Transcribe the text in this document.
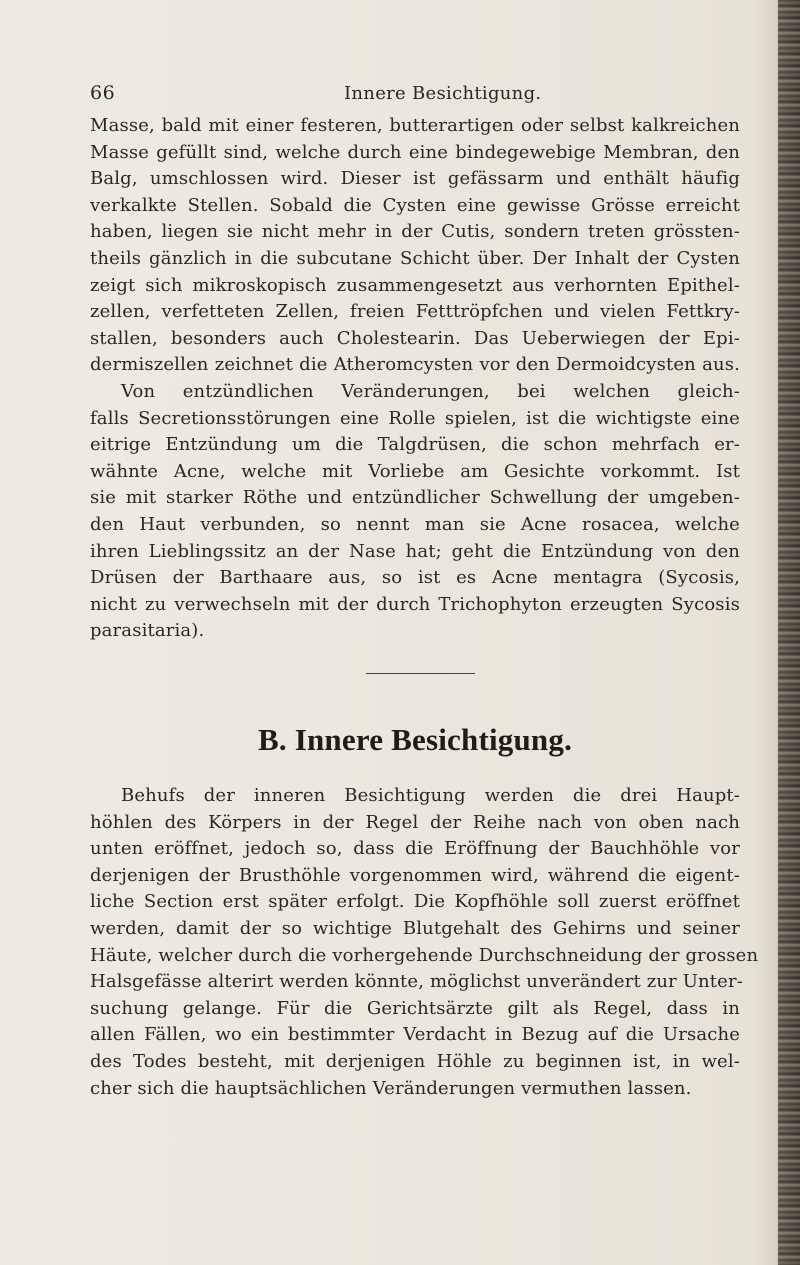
66	Innere Besichtigung.
Masse, bald mit einer festeren, butterartigen oder selbst kalkreichen
Masse gefüllt sind, welche durch eine bindegewebige Membran, den
Balg, umschlossen wird. Dieser ist gefässarm und enthält häufig
verkalkte Stellen. Sobald die Cysten eine gewisse Grösse erreicht
haben, liegen sie nicht mehr in der Cutis, sondern treten grössten-
theils gänzlich in die subcutane Schicht über. Der Inhalt der Cysten
zeigt sich mikroskopisch zusammengesetzt aus verhornten Epithel-
zellen, verfetteten Zellen, freien Fetttröpfchen und vielen Fettkry-
stallen, besonders auch Cholestearin. Das Ueberwiegen der Epi-
dermiszellen zeichnet die Atheromcysten vor den Dermoidcysten aus.
Von entzündlichen Veränderungen, bei welchen gleich-
falls Secretionsstörungen eine Rolle spielen, ist die wichtigste eine
eitrige Entzündung um die Talgdrüsen, die schon mehrfach er-
wähnte Acne, welche mit Vorliebe am Gesichte vorkommt. Ist
sie mit starker Röthe und entzündlicher Schwellung der umgeben-
den Haut verbunden, so nennt man sie Acne rosacea, welche
ihren Lieblingssitz an der Nase hat; geht die Entzündung von den
Drüsen der Barthaare aus, so ist es Acne mentagra (Sycosis,
nicht zu verwechseln mit der durch Trichophyton erzeugten Sycosis
parasitaria).
B. Innere Besichtigung.
Behufs der inneren Besichtigung werden die drei Haupt-
höhlen des Körpers in der Regel der Reihe nach von oben nach
unten eröffnet, jedoch so, dass die Eröffnung der Bauchhöhle vor
derjenigen der Brusthöhle vorgenommen wird, während die eigent-
liche Section erst später erfolgt. Die Kopfhöhle soll zuerst eröffnet
werden, damit der so wichtige Blutgehalt des Gehirns und seiner
Häute, welcher durch die vorhergehende Durchschneidung der grossen
Halsgefässe alterirt werden könnte, möglichst unverändert zur Unter-
suchung gelange. Für die Gerichtsärzte gilt als Regel, dass in
allen Fällen, wo ein bestimmter Verdacht in Bezug auf die Ursache
des Todes besteht, mit derjenigen Höhle zu beginnen ist, in wel-
cher sich die hauptsächlichen Veränderungen vermuthen lassen.
